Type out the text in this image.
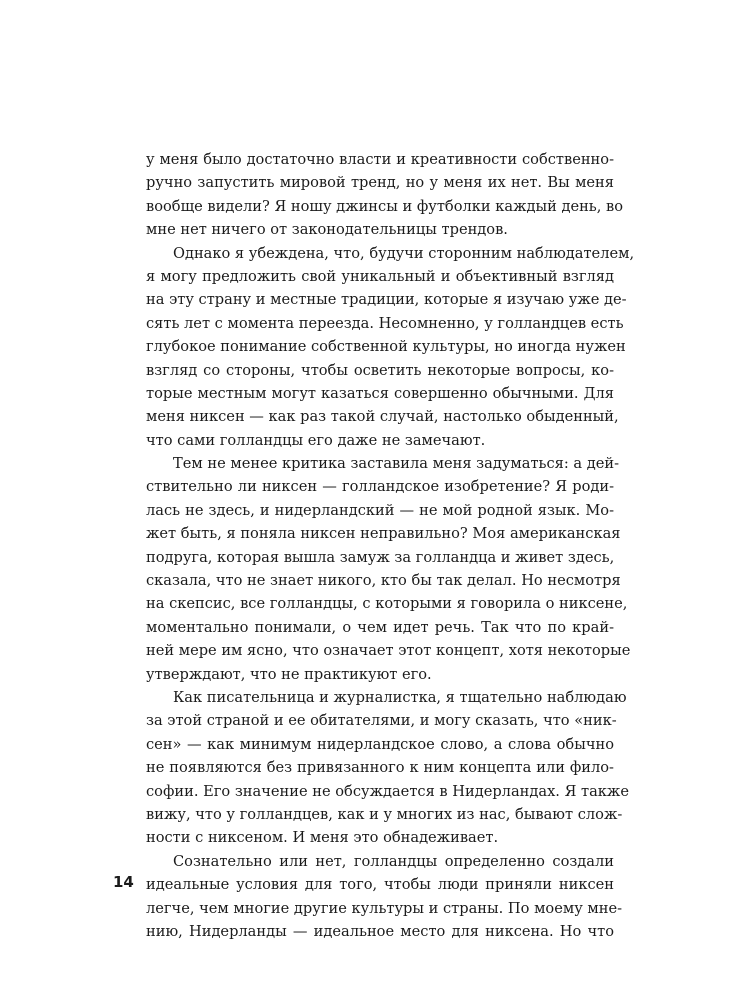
у меня было достаточно власти и креативности собственно-
ручно запустить мировой тренд, но у меня их нет. Вы меня
вообще видели? Я ношу джинсы и футболки каждый день, во
мне нет ничего от законодательницы трендов.
Однако я убеждена, что, будучи сторонним наблюдателем,
я могу предложить свой уникальный и объективный взгляд
на эту страну и местные традиции, которые я изучаю уже де-
сять лет с момента переезда. Несомненно, у голландцев есть
глубокое понимание собственной культуры, но иногда нужен
взгляд со стороны, чтобы осветить некоторые вопросы, ко-
торые местным могут казаться совершенно обычными. Для
меня никсен — как раз такой случай, настолько обыденный,
что сами голландцы его даже не замечают.
Тем не менее критика заставила меня задуматься: а дей-
ствительно ли никсен — голландское изобретение? Я роди-
лась не здесь, и нидерландский — не мой родной язык. Мо-
жет быть, я поняла никсен неправильно? Моя американская
подруга, которая вышла замуж за голландца и живет здесь,
сказала, что не знает никого, кто бы так делал. Но несмотря
на скепсис, все голландцы, с которыми я говорила о никсене,
моментально понимали, о чем идет речь. Так что по край-
ней мере им ясно, что означает этот концепт, хотя некоторые
утверждают, что не практикуют его.
Как писательница и журналистка, я тщательно наблюдаю
за этой страной и ее обитателями, и могу сказать, что «ник-
сен» — как минимум нидерландское слово, а слова обычно
не появляются без привязанного к ним концепта или фило-
софии. Его значение не обсуждается в Нидерландах. Я также
вижу, что у голландцев, как и у многих из нас, бывают слож-
ности с никсеном. И меня это обнадеживает.
Сознательно или нет, голландцы определенно создали
идеальные условия для того, чтобы люди приняли никсен
легче, чем многие другие культуры и страны. По моему мне-
нию, Нидерланды — идеальное место для никсена. Но что
14
